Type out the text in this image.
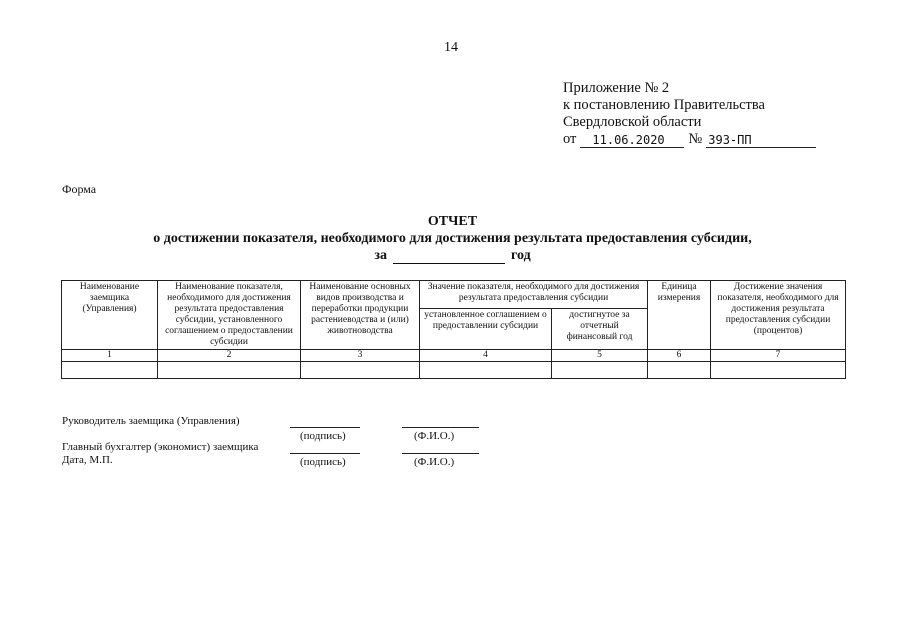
14
Приложение № 2
к постановлению Правительства
Свердловской области
от	11.06.2020	№ 393-ПП
Форма
ОТЧЕТ
о достижении показателя, необходимого для достижения результата предоставления субсидии,
за	год
Наименование заемщика (Управления)	Наименование показателя, необходимого для достижения результата предоставления субсидии, установленного соглашением о предоставлении субсидии	Наименование основных видов производства и переработки продукции растениеводства и (или) животноводства	Значение показателя, необходимого для достижения результата предоставления субсидии		Единица измерения	Достижение значения показателя, необходимого для достижения результата предоставления субсидии (процентов)
			установленное соглашением о предоставлении субсидии	достигнутое за отчетный финансовый год		
1	2	3	4	5	6	7

Руководитель заемщика (Управления)
(подпись)	(Ф.И.О.)
Главный бухгалтер (экономист) заемщика
Дата, М.П.	(подпись)	(Ф.И.О.)
